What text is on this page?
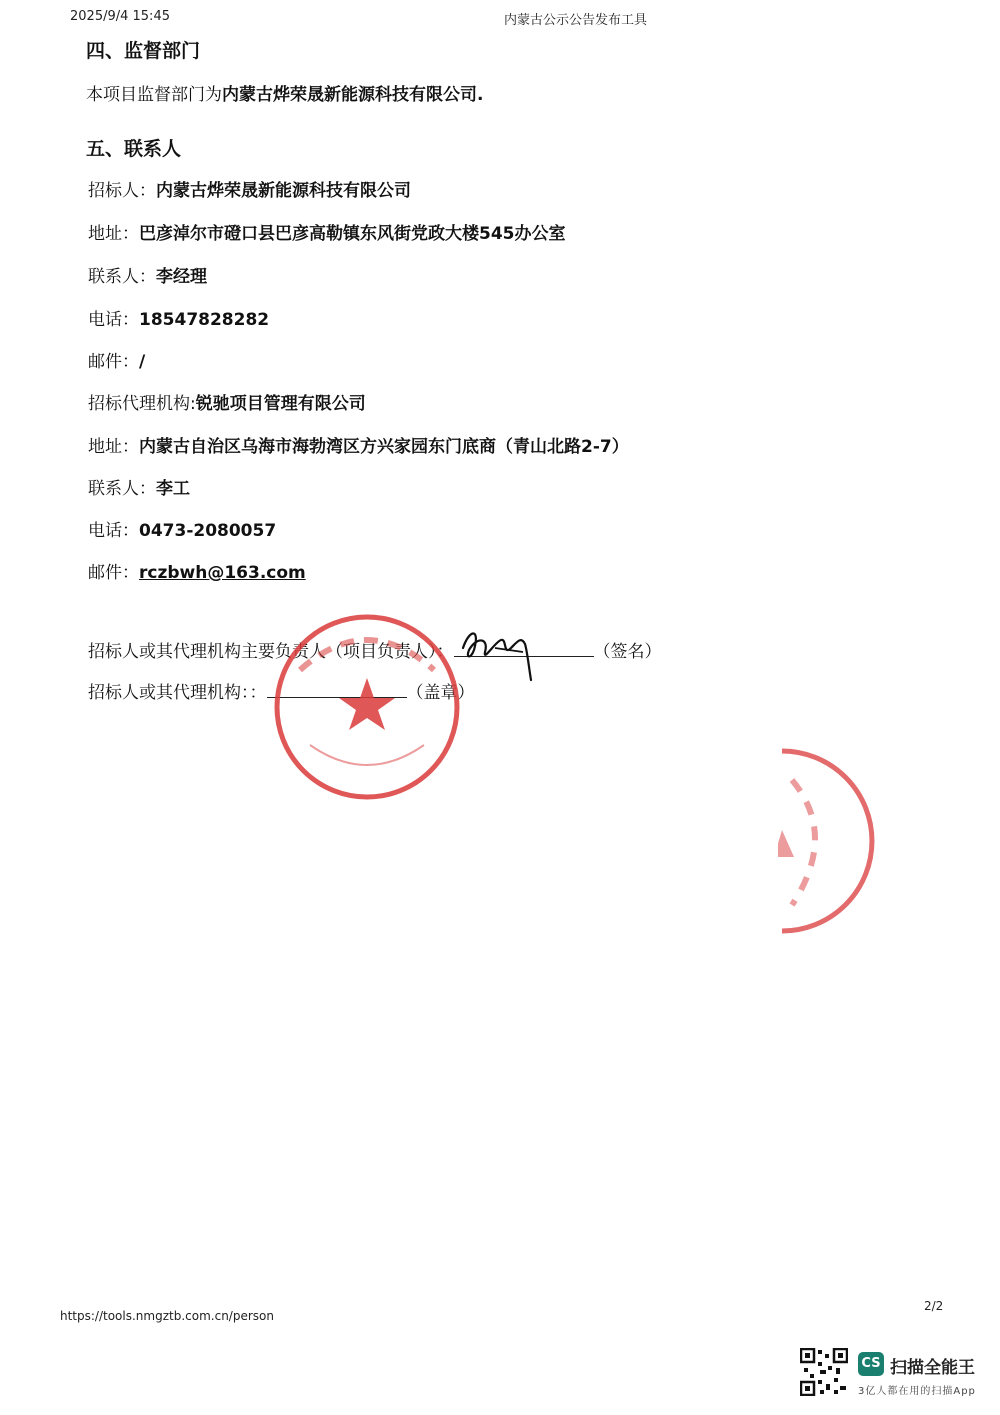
2025/9/4 15:45	内蒙古公示公告发布工具
四、监督部门
本项目监督部门为内蒙古烨荣晟新能源科技有限公司.
五、联系人
招标人：内蒙古烨荣晟新能源科技有限公司
地址：巴彦淖尔市磴口县巴彦高勒镇东风街党政大楼545办公室
联系人：李经理
电话：18547828282
邮件：/
招标代理机构:锐驰项目管理有限公司
地址：内蒙古自治区乌海市海勃湾区方兴家园东门底商（青山北路2-7）
联系人：李工
电话：0473-2080057
邮件：rczbwh@163.com
招标人或其代理机构主要负责人（项目负责人）：	（签名）
招标人或其代理机构：：	（盖章）
https://tools.nmgztb.com.cn/person
2/2
CS 扫描全能王
3亿人都在用的扫描App
